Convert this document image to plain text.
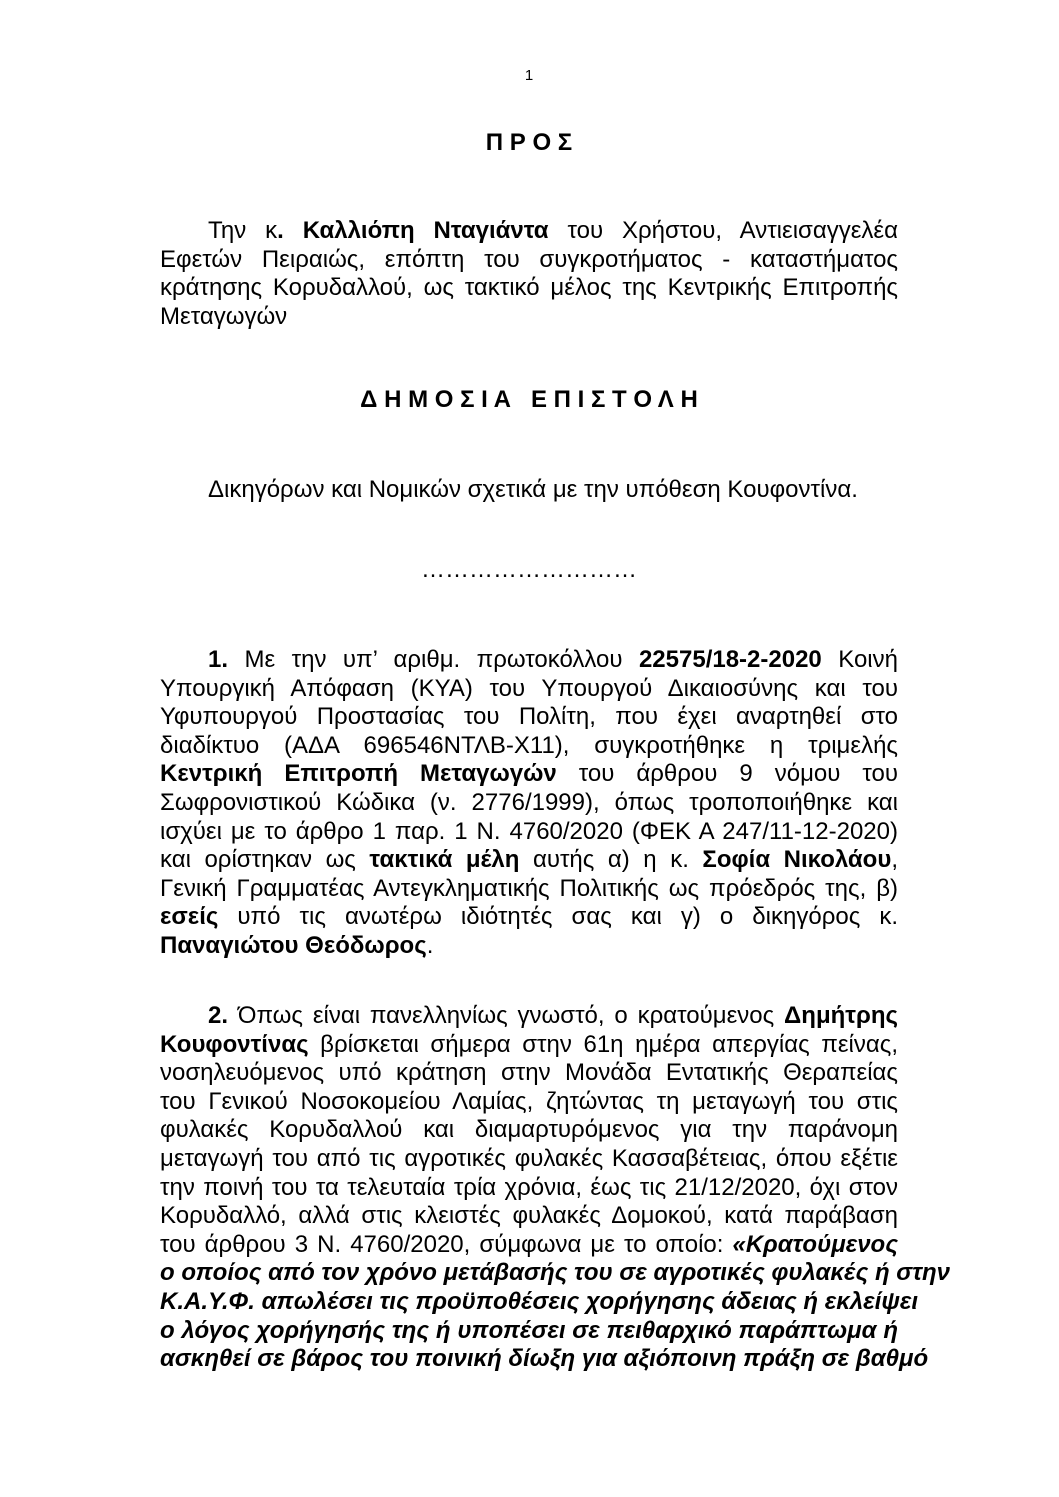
1
Π Ρ Ο Σ
Την κ. Καλλιόπη Νταγιάντα του Χρήστου, Αντιεισαγγελέα
Εφετών Πειραιώς, επόπτη του συγκροτήματος - καταστήματος
κράτησης Κορυδαλλού, ως τακτικό μέλος της Κεντρικής Επιτροπής
Μεταγωγών
Δ Η Μ Ο Σ Ι Α   Ε Π Ι Σ Τ Ο Λ Η
Δικηγόρων και Νομικών σχετικά με την υπόθεση Κουφοντίνα.
………………………
1. Με την υπ’ αριθμ. πρωτοκόλλου 22575/18-2-2020 Κοινή
Υπουργική Απόφαση (ΚΥΑ) του Υπουργού Δικαιοσύνης και του
Υφυπουργού Προστασίας του Πολίτη, που έχει αναρτηθεί στο
διαδίκτυο (ΑΔΑ 696546ΝΤΛΒ-Χ11), συγκροτήθηκε η τριμελής
Κεντρική Επιτροπή Μεταγωγών του άρθρου 9 νόμου του
Σωφρονιστικού Κώδικα (ν. 2776/1999), όπως τροποποιήθηκε και
ισχύει με το άρθρο 1 παρ. 1 Ν. 4760/2020 (ΦΕΚ Α 247/11-12-2020)
και ορίστηκαν ως τακτικά μέλη αυτής α) η κ. Σοφία Νικολάου,
Γενική Γραμματέας Αντεγκληματικής Πολιτικής ως πρόεδρός της, β)
εσείς υπό τις ανωτέρω ιδιότητές σας και γ) ο δικηγόρος κ.
Παναγιώτου Θεόδωρος.
2. Όπως είναι πανελληνίως γνωστό, ο κρατούμενος Δημήτρης
Κουφοντίνας βρίσκεται σήμερα στην 61η ημέρα απεργίας πείνας,
νοσηλευόμενος υπό κράτηση στην Μονάδα Εντατικής Θεραπείας
του Γενικού Νοσοκομείου Λαμίας, ζητώντας τη μεταγωγή του στις
φυλακές Κορυδαλλού και διαμαρτυρόμενος για την παράνομη
μεταγωγή του από τις αγροτικές φυλακές Κασσαβέτειας, όπου εξέτιε
την ποινή του τα τελευταία τρία χρόνια, έως τις 21/12/2020, όχι στον
Κορυδαλλό, αλλά στις κλειστές φυλακές Δομοκού, κατά παράβαση
του άρθρου 3 Ν. 4760/2020, σύμφωνα με το οποίο: «Κρατούμενος
ο οποίος από τον χρόνο μετάβασής του σε αγροτικές φυλακές ή στην
Κ.Α.Υ.Φ. απωλέσει τις προϋποθέσεις χορήγησης άδειας ή εκλείψει
ο λόγος χορήγησής της ή υποπέσει σε πειθαρχικό παράπτωμα ή
ασκηθεί σε βάρος του ποινική δίωξη για αξιόποινη πράξη σε βαθμό
